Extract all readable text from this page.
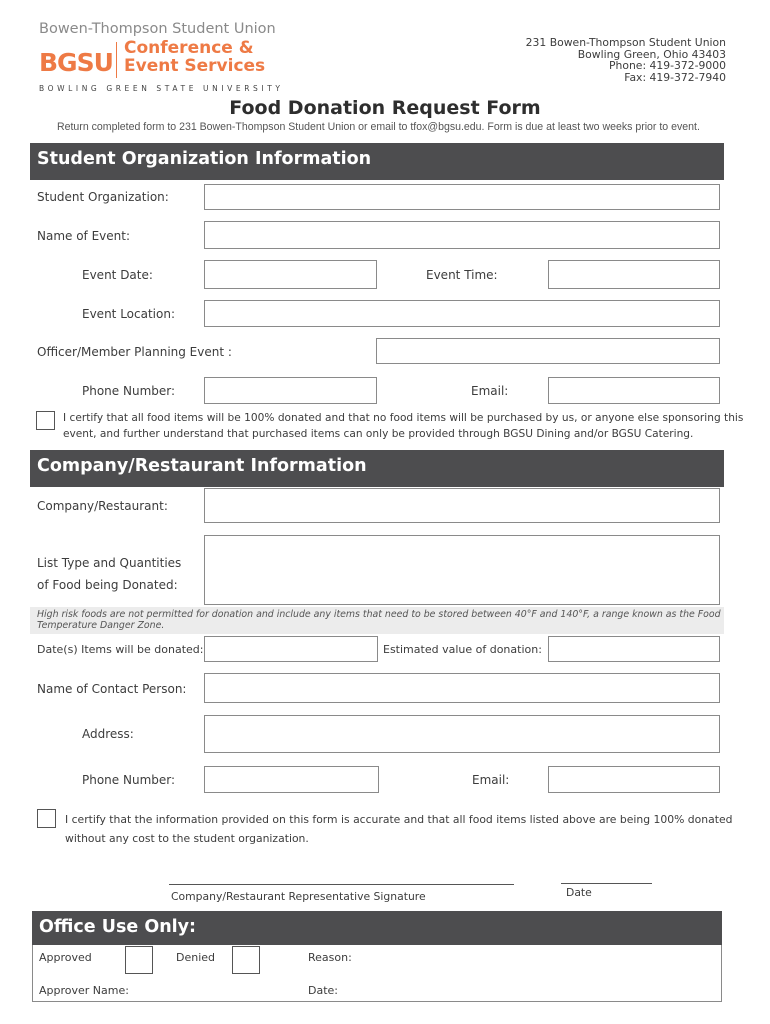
Bowen-Thompson Student Union
BGSU Conference &
Event Services
BOWLING GREEN STATE UNIVERSITY
231 Bowen-Thompson Student Union
Bowling Green, Ohio 43403
Phone: 419-372-9000
Fax: 419-372-7940
Food Donation Request Form
Return completed form to 231 Bowen-Thompson Student Union or email to tfox@bgsu.edu. Form is due at least two weeks prior to event.
Student Organization Information
Student Organization:
Name of Event:
Event Date:	Event Time:
Event Location:
Officer/Member Planning Event :
Phone Number:	Email:
I certify that all food items will be 100% donated and that no food items will be purchased by us, or anyone else sponsoring this
event, and further understand that purchased items can only be provided through BGSU Dining and/or BGSU Catering.
Company/Restaurant Information
Company/Restaurant:
List Type and Quantities
of Food being Donated:
High risk foods are not permitted for donation and include any items that need to be stored between 40°F and 140°F, a range known as the Food
Temperature Danger Zone.
Date(s) Items will be donated:	Estimated value of donation:
Name of Contact Person:
Address:
Phone Number:	Email:
I certify that the information provided on this form is accurate and that all food items listed above are being 100% donated
without any cost to the student organization.
Company/Restaurant Representative Signature	Date
Office Use Only:
Approved	Denied	Reason:
Approver Name:	Date:
